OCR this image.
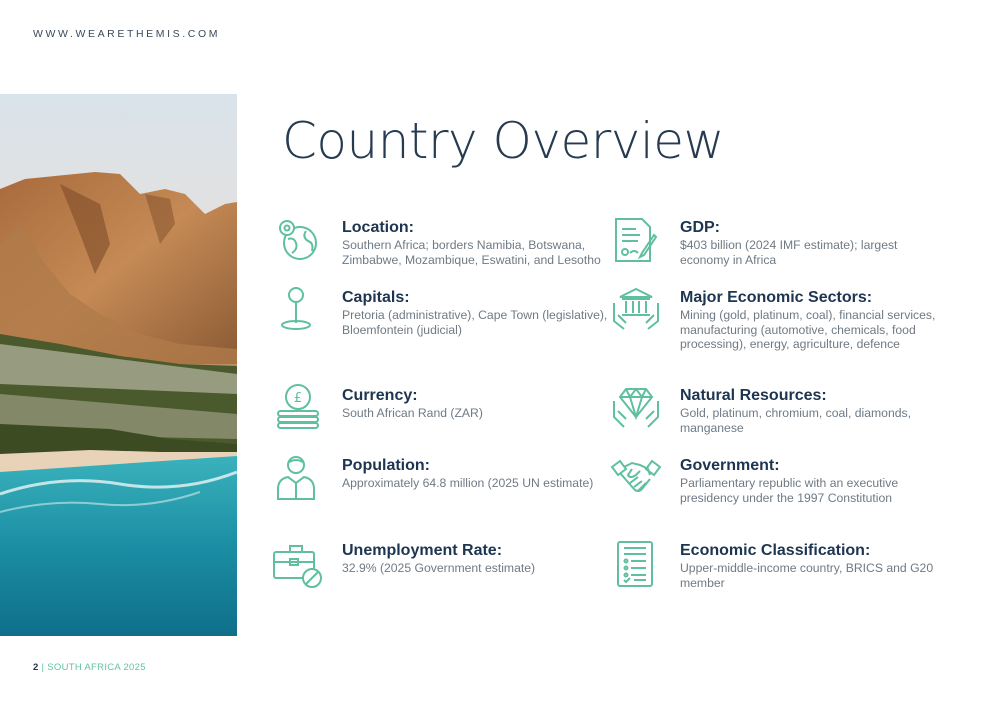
WWW.WEARETHEMIS.COM
Country Overview
Location:
Southern Africa; borders Namibia, Botswana, Zimbabwe, Mozambique, Eswatini, and Lesotho
Capitals:
Pretoria (administrative), Cape Town (legislative), Bloemfontein (judicial)
£ Currency:
South African Rand (ZAR)
Population:
Approximately 64.8 million (2025 UN estimate)
Unemployment Rate:
32.9% (2025 Government estimate)
GDP:
$403 billion (2024 IMF estimate); largest economy in Africa
Major Economic Sectors:
Mining (gold, platinum, coal), financial services, manufacturing (automotive, chemicals, food processing), energy, agriculture, defence
Natural Resources:
Gold, platinum, chromium, coal, diamonds, manganese
Government:
Parliamentary republic with an executive presidency under the 1997 Constitution
Economic Classification:
Upper-middle-income country, BRICS and G20 member
2 | SOUTH AFRICA 2025
